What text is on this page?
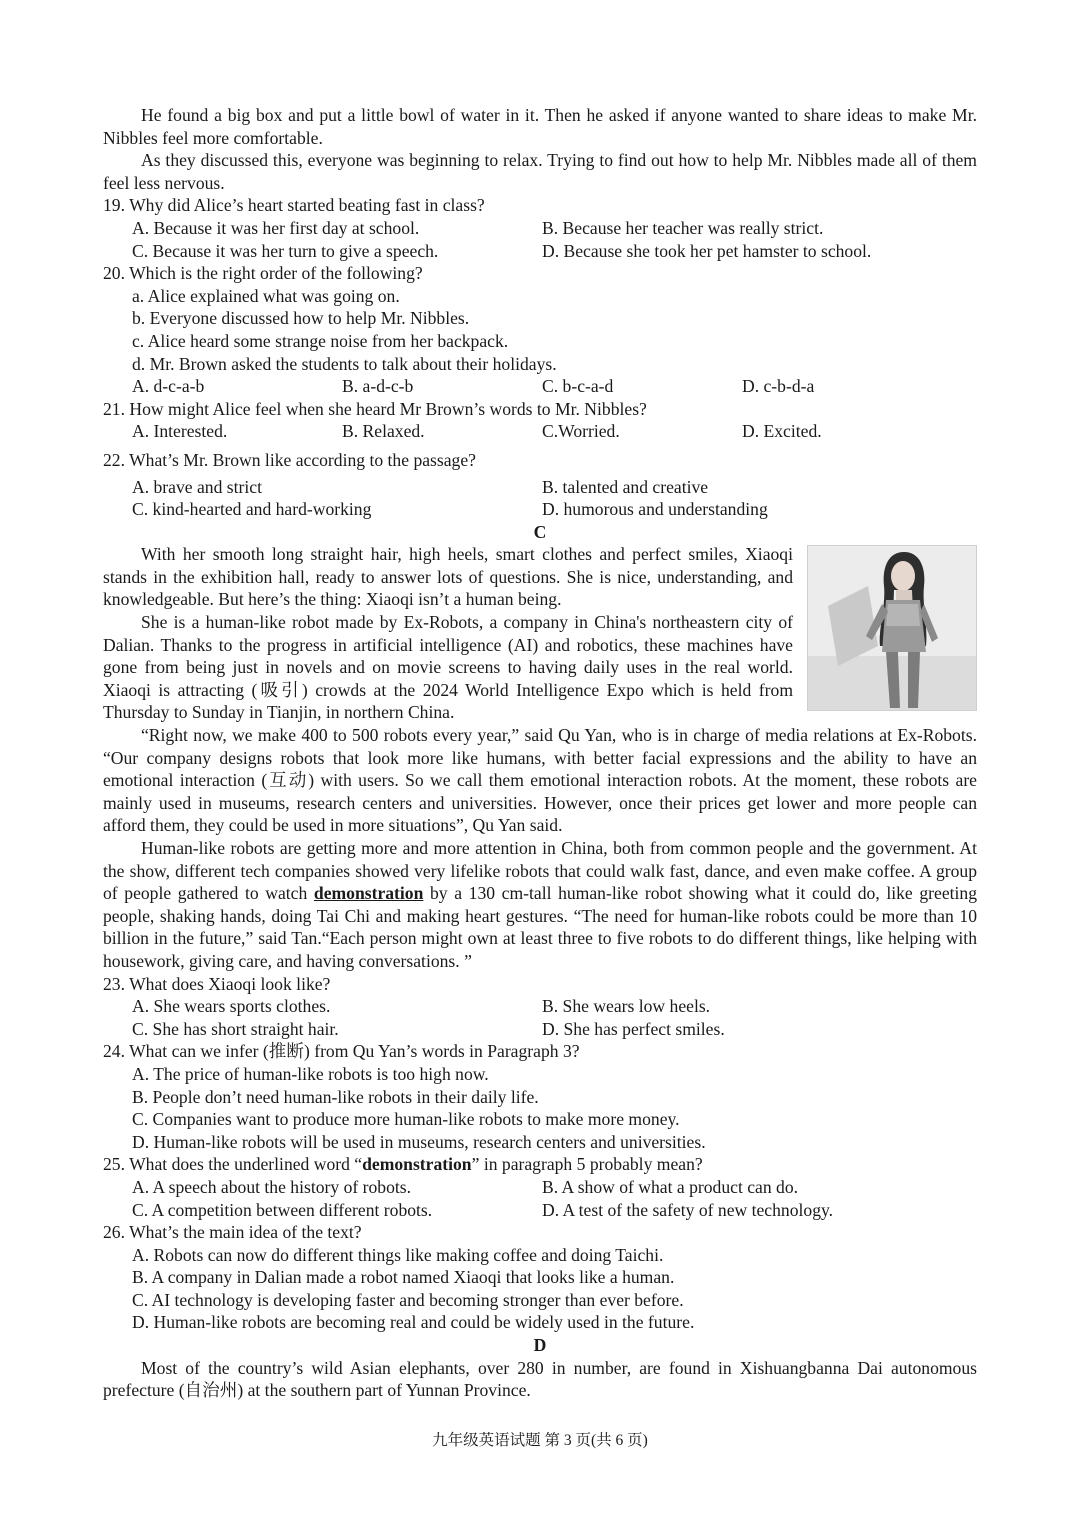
He found a big box and put a little bowl of water in it. Then he asked if anyone wanted to share ideas to make Mr. Nibbles feel more comfortable.

As they discussed this, everyone was beginning to relax. Trying to find out how to help Mr. Nibbles made all of them feel less nervous.

19. Why did Alice’s heart started beating fast in class?

A. Because it was her first day at school.	B. Because her teacher was really strict.
C. Because it was her turn to give a speech.	D. Because she took her pet hamster to school.

20. Which is the right order of the following?

a. Alice explained what was going on.
b. Everyone discussed how to help Mr. Nibbles.
c. Alice heard some strange noise from her backpack.
d. Mr. Brown asked the students to talk about their holidays.
A. d-c-a-b	B. a-d-c-b	C. b-c-a-d	D. c-b-d-a

21. How might Alice feel when she heard Mr Brown’s words to Mr. Nibbles?

A. Interested.	B. Relaxed.	C.Worried.	D. Excited.

22. What’s Mr. Brown like according to the passage?

A. brave and strict	B. talented and creative
C. kind-hearted and hard-working	D. humorous and understanding
C

With her smooth long straight hair, high heels, smart clothes and perfect smiles, Xiaoqi stands in the exhibition hall, ready to answer lots of questions. She is nice, understanding, and knowledgeable. But here’s the thing: Xiaoqi isn’t a human being.

She is a human-like robot made by Ex-Robots, a company in China's northeastern city of Dalian. Thanks to the progress in artificial intelligence (AI) and robotics, these machines have gone from being just in novels and on movie screens to having daily uses in the real world. Xiaoqi is attracting (吸引) crowds at the 2024 World Intelligence Expo which is held from Thursday to Sunday in Tianjin, in northern China.

“Right now, we make 400 to 500 robots every year,” said Qu Yan, who is in charge of media relations at Ex-Robots. “Our company designs robots that look more like humans, with better facial expressions and the ability to have an emotional interaction (互动) with users. So we call them emotional interaction robots. At the moment, these robots are mainly used in museums, research centers and universities. However, once their prices get lower and more people can afford them, they could be used in more situations”, Qu Yan said.

Human-like robots are getting more and more attention in China, both from common people and the government. At the show, different tech companies showed very lifelike robots that could walk fast, dance, and even make coffee. A group of people gathered to watch demonstration by a 130 cm-tall human-like robot showing what it could do, like greeting people, shaking hands, doing Tai Chi and making heart gestures. “The need for human-like robots could be more than 10 billion in the future,” said Tan.“Each person might own at least three to five robots to do different things, like helping with housework, giving care, and having conversations. ”

23. What does Xiaoqi look like?

A. She wears sports clothes.	B. She wears low heels.
C. She has short straight hair.	D. She has perfect smiles.

24. What can we infer (推断) from Qu Yan’s words in Paragraph 3?

A. The price of human-like robots is too high now.
B. People don’t need human-like robots in their daily life.
C. Companies want to produce more human-like robots to make more money.
D. Human-like robots will be used in museums, research centers and universities.

25. What does the underlined word “demonstration” in paragraph 5 probably mean?

A. A speech about the history of robots.	B. A show of what a product can do.
C. A competition between different robots.	D. A test of the safety of new technology.

26. What’s the main idea of the text?

A. Robots can now do different things like making coffee and doing Taichi.
B. A company in Dalian made a robot named Xiaoqi that looks like a human.
C. AI technology is developing faster and becoming stronger than ever before.
D. Human-like robots are becoming real and could be widely used in the future.
D

Most of the country’s wild Asian elephants, over 280 in number, are found in Xishuangbanna Dai autonomous prefecture (自治州) at the southern part of Yunnan Province.

九年级英语试题 第 3 页(共 6 页)
